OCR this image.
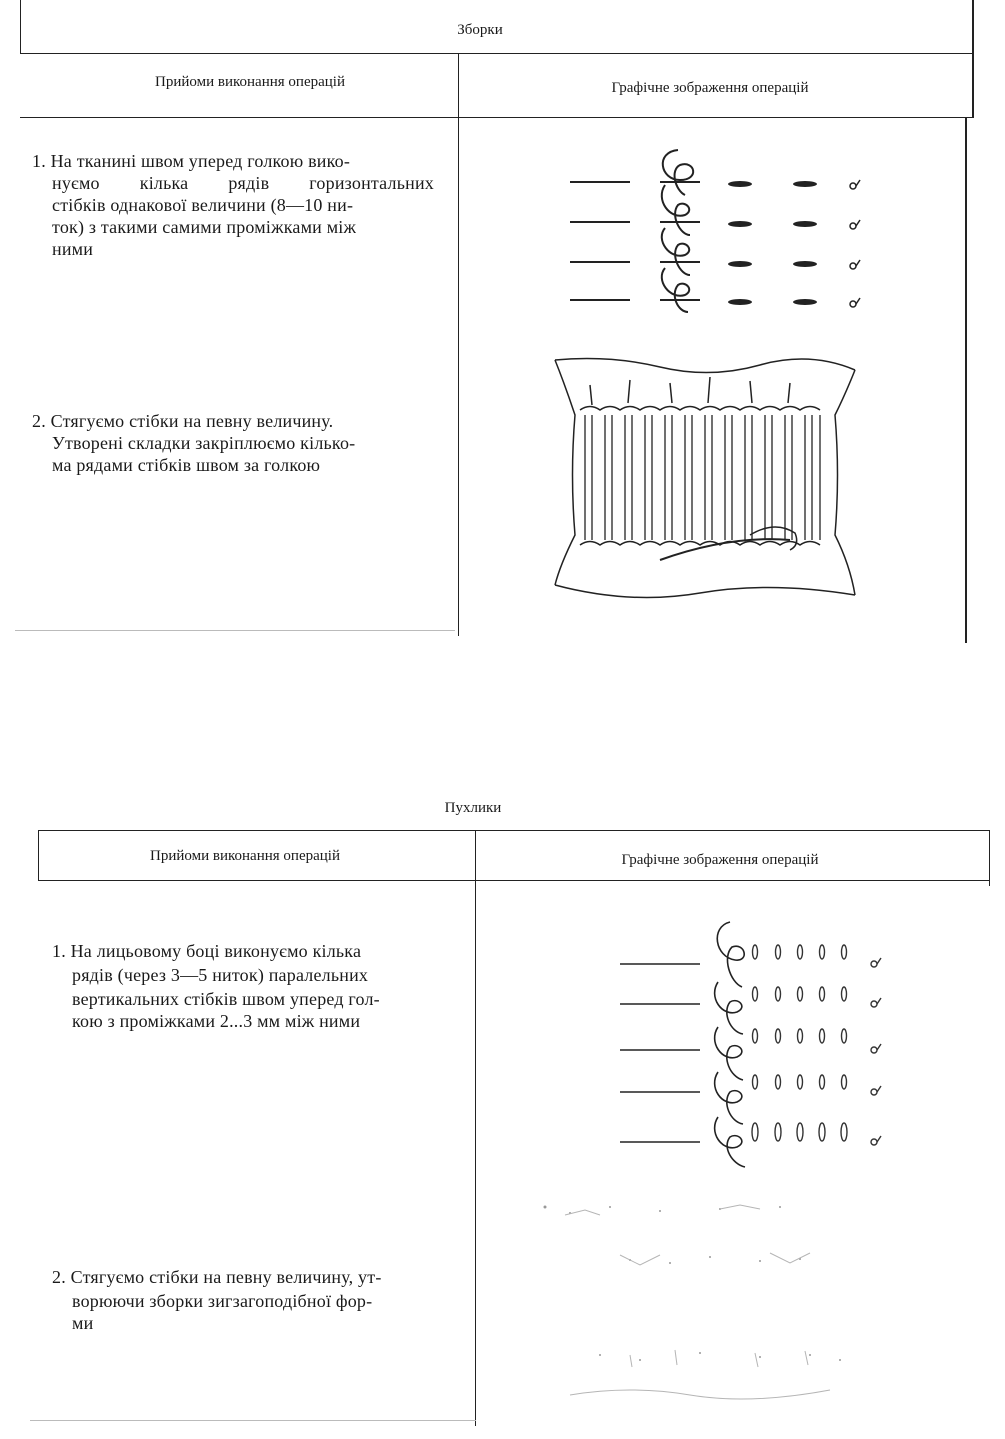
Зборки
Прийоми виконання операцій	Графічне зображення операцій
1. На тканині швом уперед голкою вико-
нуємо кілька рядів горизонтальних
стібків однакової величини (8—10 ни-
ток) з такими самими проміжками між
ними
2. Стягуємо стібки на певну величину.
Утворені складки закріплюємо кілько-
ма рядами стібків швом за голкою
Пухлики
Прийоми виконання операцій	Графічне зображення операцій
1. На лицьовому боці виконуємо кілька
рядів (через 3—5 ниток) паралельних
вертикальних стібків швом уперед гол-
кою з проміжками 2...3 мм між ними
2. Стягуємо стібки на певну величину, ут-
ворюючи зборки зигзагоподібної фор-
ми
